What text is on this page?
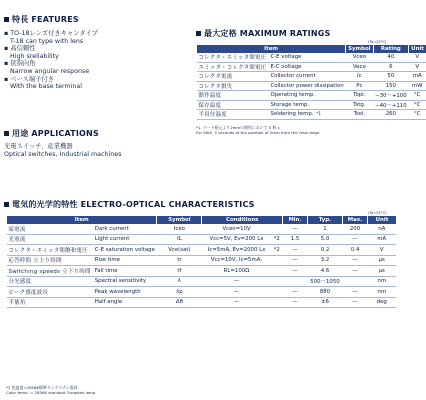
特長 FEATURES
▪ TO-18レンズ付きキャンタイプ
T-18 can type with lens
▪ 高信頼性
High sreliability
▪ 狭指向角
Narrow angular response
▪ ベース端子付き
With the base terminal
用途 APPLICATIONS
光電スイッチ、産業機器
Optical switches, Industrial machines
最大定格 MAXIMUM RATINGS
(Ta=25°C)
Item		Symbol	Rating	Unit
コレクタ・エミッタ間電圧	C-E voltage	Vceo	40	V
エミッタ・コレクタ間電圧	E-C voltage	Veco	6	V
コレクタ電流	Collector current	Ic	50	mA
コレクタ損失	Collector power dissipation	Pc	150	mW
動作温度	Operating temp.	Topr.	−30〜+100	°C
保存温度	Storage temp.	Tstg.	−40〜+110	°C
半田付温度	Soldering temp. *1	Tsol.	260	°C
*1. リード根元より2mmの箇所において 5 秒 s
For MAX. 5 seconds at the position of 2mm from the resin edge
電気的光学的特性 ELECTRO-OPTICAL CHARACTERISTICS
(Ta=25°C)
Item		Symbol	Conditions		Min.	Typ.	Max.	Unit
暗電流	Dark current	Iceo	Vceo=10V		—	1	200	nA
光電流	Light current	IL	Vcc=5V, Ev=200 Lx	*2	1.5	5.0	—	mA
コレクタ・エミッタ間飽和電圧	C-E saturation voltage	Vce(sat)	Ic=5mA, Ev=2000 Lx	*2	—	0.2	0.4	V
応答時間 立上り時間	Rise time	tr	Vcc=10V, Ic=5mA,		—	3.2	—	μs
Switching speeds 立下り時間	Fall time	tf	RL=100Ω		—	4.6	—	μs
分光感度	Spectral sensitivity	λ	—		500〜1050			nm
ピーク感度波長	Peak wavelength	λp	—		—	880	—	nm
半値角	Half angle	Δθ	—		—	±6	—	deg
*2 色温度=2856K標準タングステン電球
Color temp. = 2856K standard Tungsten lamp
